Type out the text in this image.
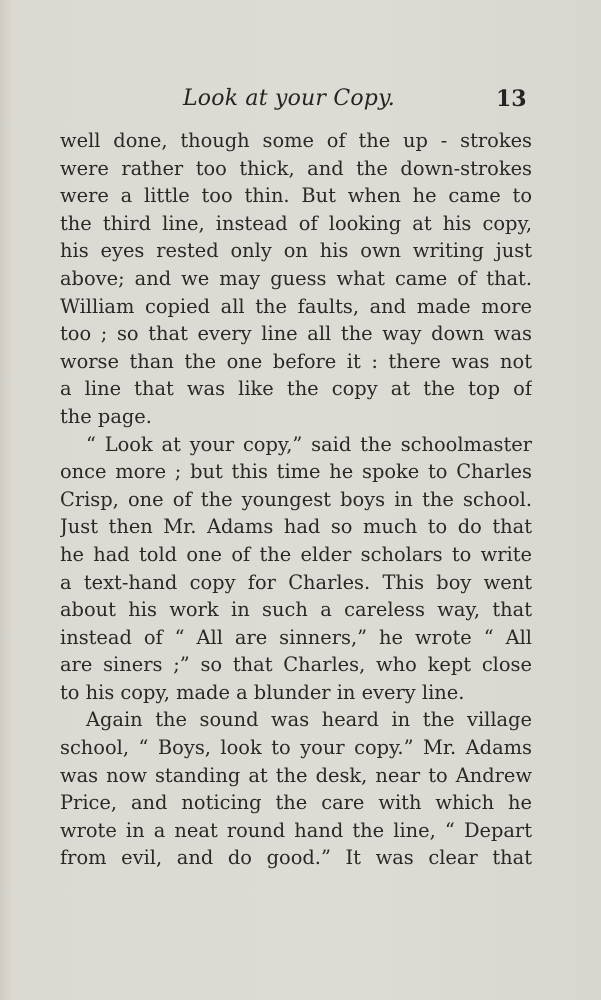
Look at your Copy.	13
well done, though some of the up - strokes
were rather too thick, and the down-strokes
were a little too thin. But when he came to
the third line, instead of looking at his copy,
his eyes rested only on his own writing just
above; and we may guess what came of that.
William copied all the faults, and made more
too ; so that every line all the way down was
worse than the one before it : there was not
a line that was like the copy at the top of
the page.
“ Look at your copy,” said the schoolmaster
once more ; but this time he spoke to Charles
Crisp, one of the youngest boys in the school.
Just then Mr. Adams had so much to do that
he had told one of the elder scholars to write
a text-hand copy for Charles. This boy went
about his work in such a careless way, that
instead of “ All are sinners,” he wrote “ All
are siners ;” so that Charles, who kept close
to his copy, made a blunder in every line.
Again the sound was heard in the village
school, “ Boys, look to your copy.” Mr. Adams
was now standing at the desk, near to Andrew
Price, and noticing the care with which he
wrote in a neat round hand the line, “ Depart
from evil, and do good.” It was clear that
